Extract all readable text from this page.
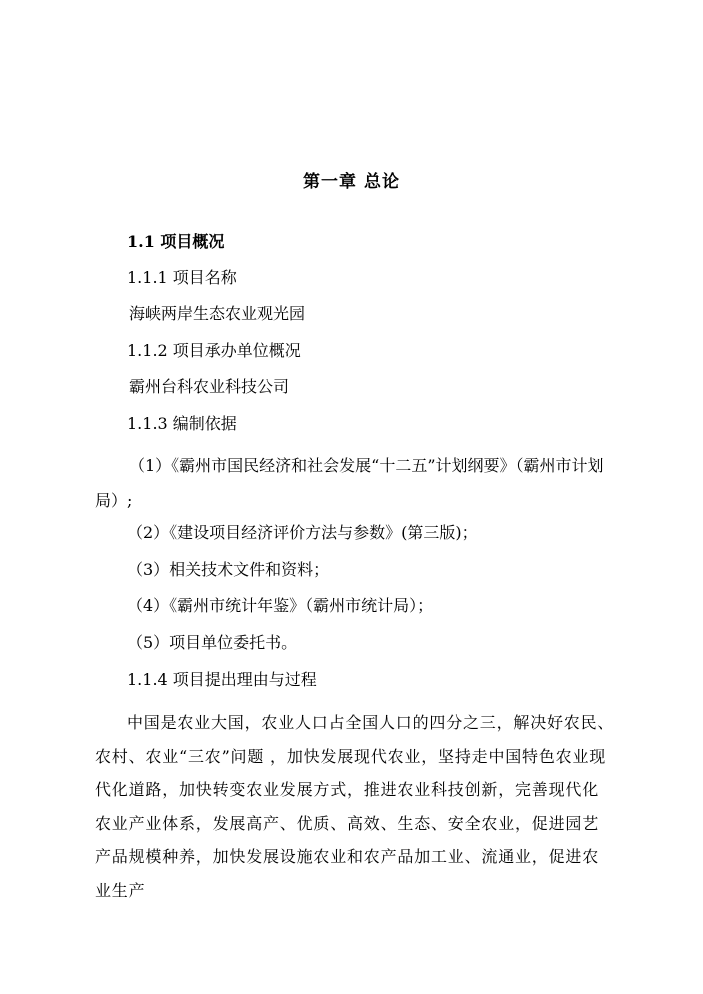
第一章 总论
1.1 项目概况
1.1.1 项目名称
海峡两岸生态农业观光园
1.1.2 项目承办单位概况
霸州台科农业科技公司
1.1.3 编制依据
（1）《霸州市国民经济和社会发展“十二五”计划纲要》（霸州市计划局）;
（2）《建设项目经济评价方法与参数》(第三版)；
（3）相关技术文件和资料；
（4）《霸州市统计年鉴》（霸州市统计局）；
（5）项目单位委托书。
1.1.4 项目提出理由与过程
中国是农业大国，农业人口占全国人口的四分之三，解决好农民、农村、农业“三农”问题 ，加快发展现代农业，坚持走中国特色农业现代化道路，加快转变农业发展方式，推进农业科技创新，完善现代化农业产业体系，发展高产、优质、高效、生态、安全农业，促进园艺产品规模种养，加快发展设施农业和农产品加工业、流通业，促进农业生产
